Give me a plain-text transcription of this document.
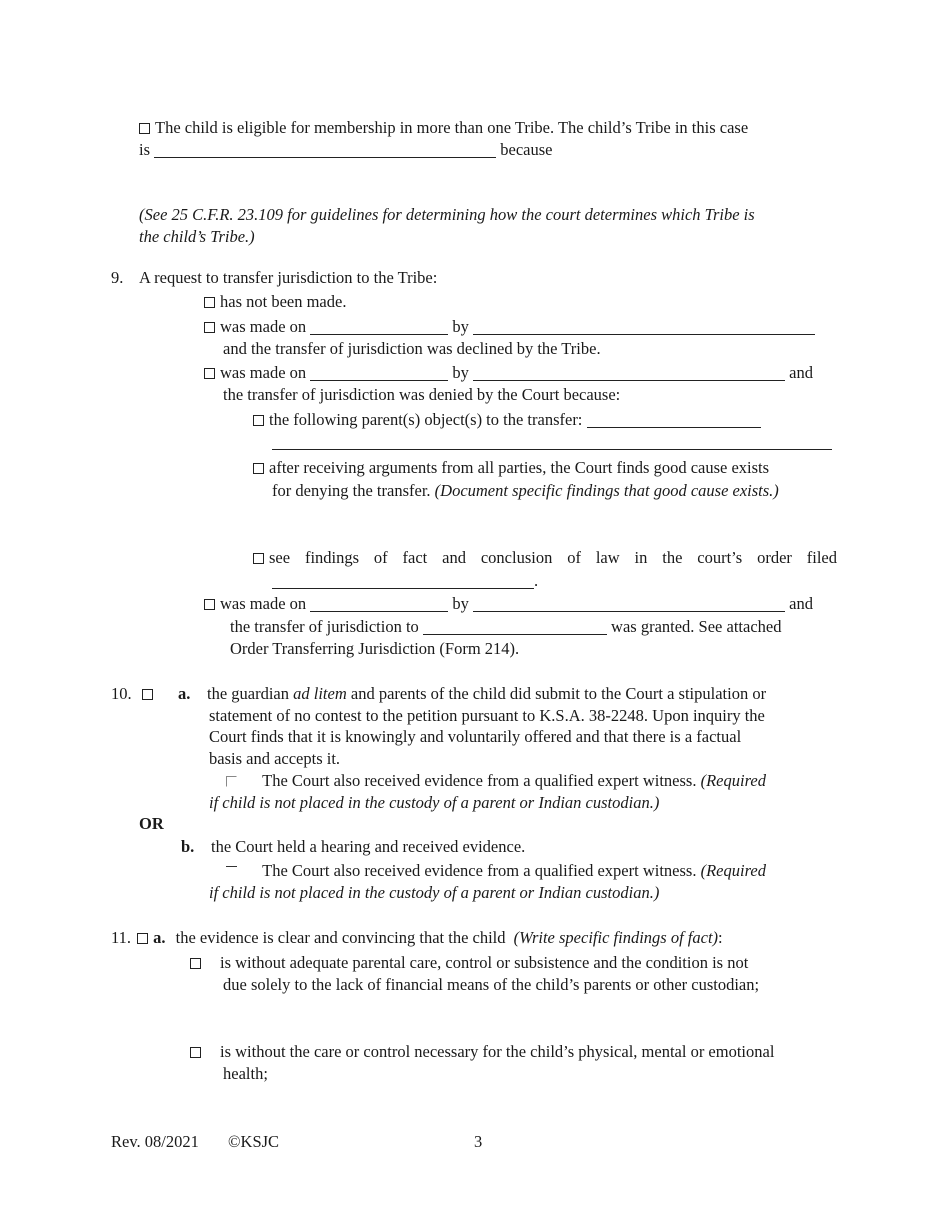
The child is eligible for membership in more than one Tribe. The child’s Tribe in this case
is	because
(See 25 C.F.R. 23.109 for guidelines for determining how the court determines which Tribe is
the child’s Tribe.)
9. A request to transfer jurisdiction to the Tribe:
has not been made.
was made on	by
and the transfer of jurisdiction was declined by the Tribe.
was made on	by	and
the transfer of jurisdiction was denied by the Court because:
the following parent(s) object(s) to the transfer:
after receiving arguments from all parties, the Court finds good cause exists
for denying the transfer. (Document specific findings that good cause exists.)
see findings of fact and conclusion of law in the court’s order filed
.
was made on	by	and
the transfer of jurisdiction to	was granted. See attached
Order Transferring Jurisdiction (Form 214).
10.	a. the guardian ad litem and parents of the child did submit to the Court a stipulation or
statement of no contest to the petition pursuant to K.S.A. 38-2248. Upon inquiry the
Court finds that it is knowingly and voluntarily offered and that there is a factual
basis and accepts it.
The Court also received evidence from a qualified expert witness. (Required
if child is not placed in the custody of a parent or Indian custodian.)
OR
b. the Court held a hearing and received evidence.
The Court also received evidence from a qualified expert witness. (Required
if child is not placed in the custody of a parent or Indian custodian.)
11. a. the evidence is clear and convincing that the child (Write specific findings of fact):
is without adequate parental care, control or subsistence and the condition is not
due solely to the lack of financial means of the child’s parents or other custodian;
is without the care or control necessary for the child’s physical, mental or emotional
health;
Rev. 08/2021 ©KSJC	3
